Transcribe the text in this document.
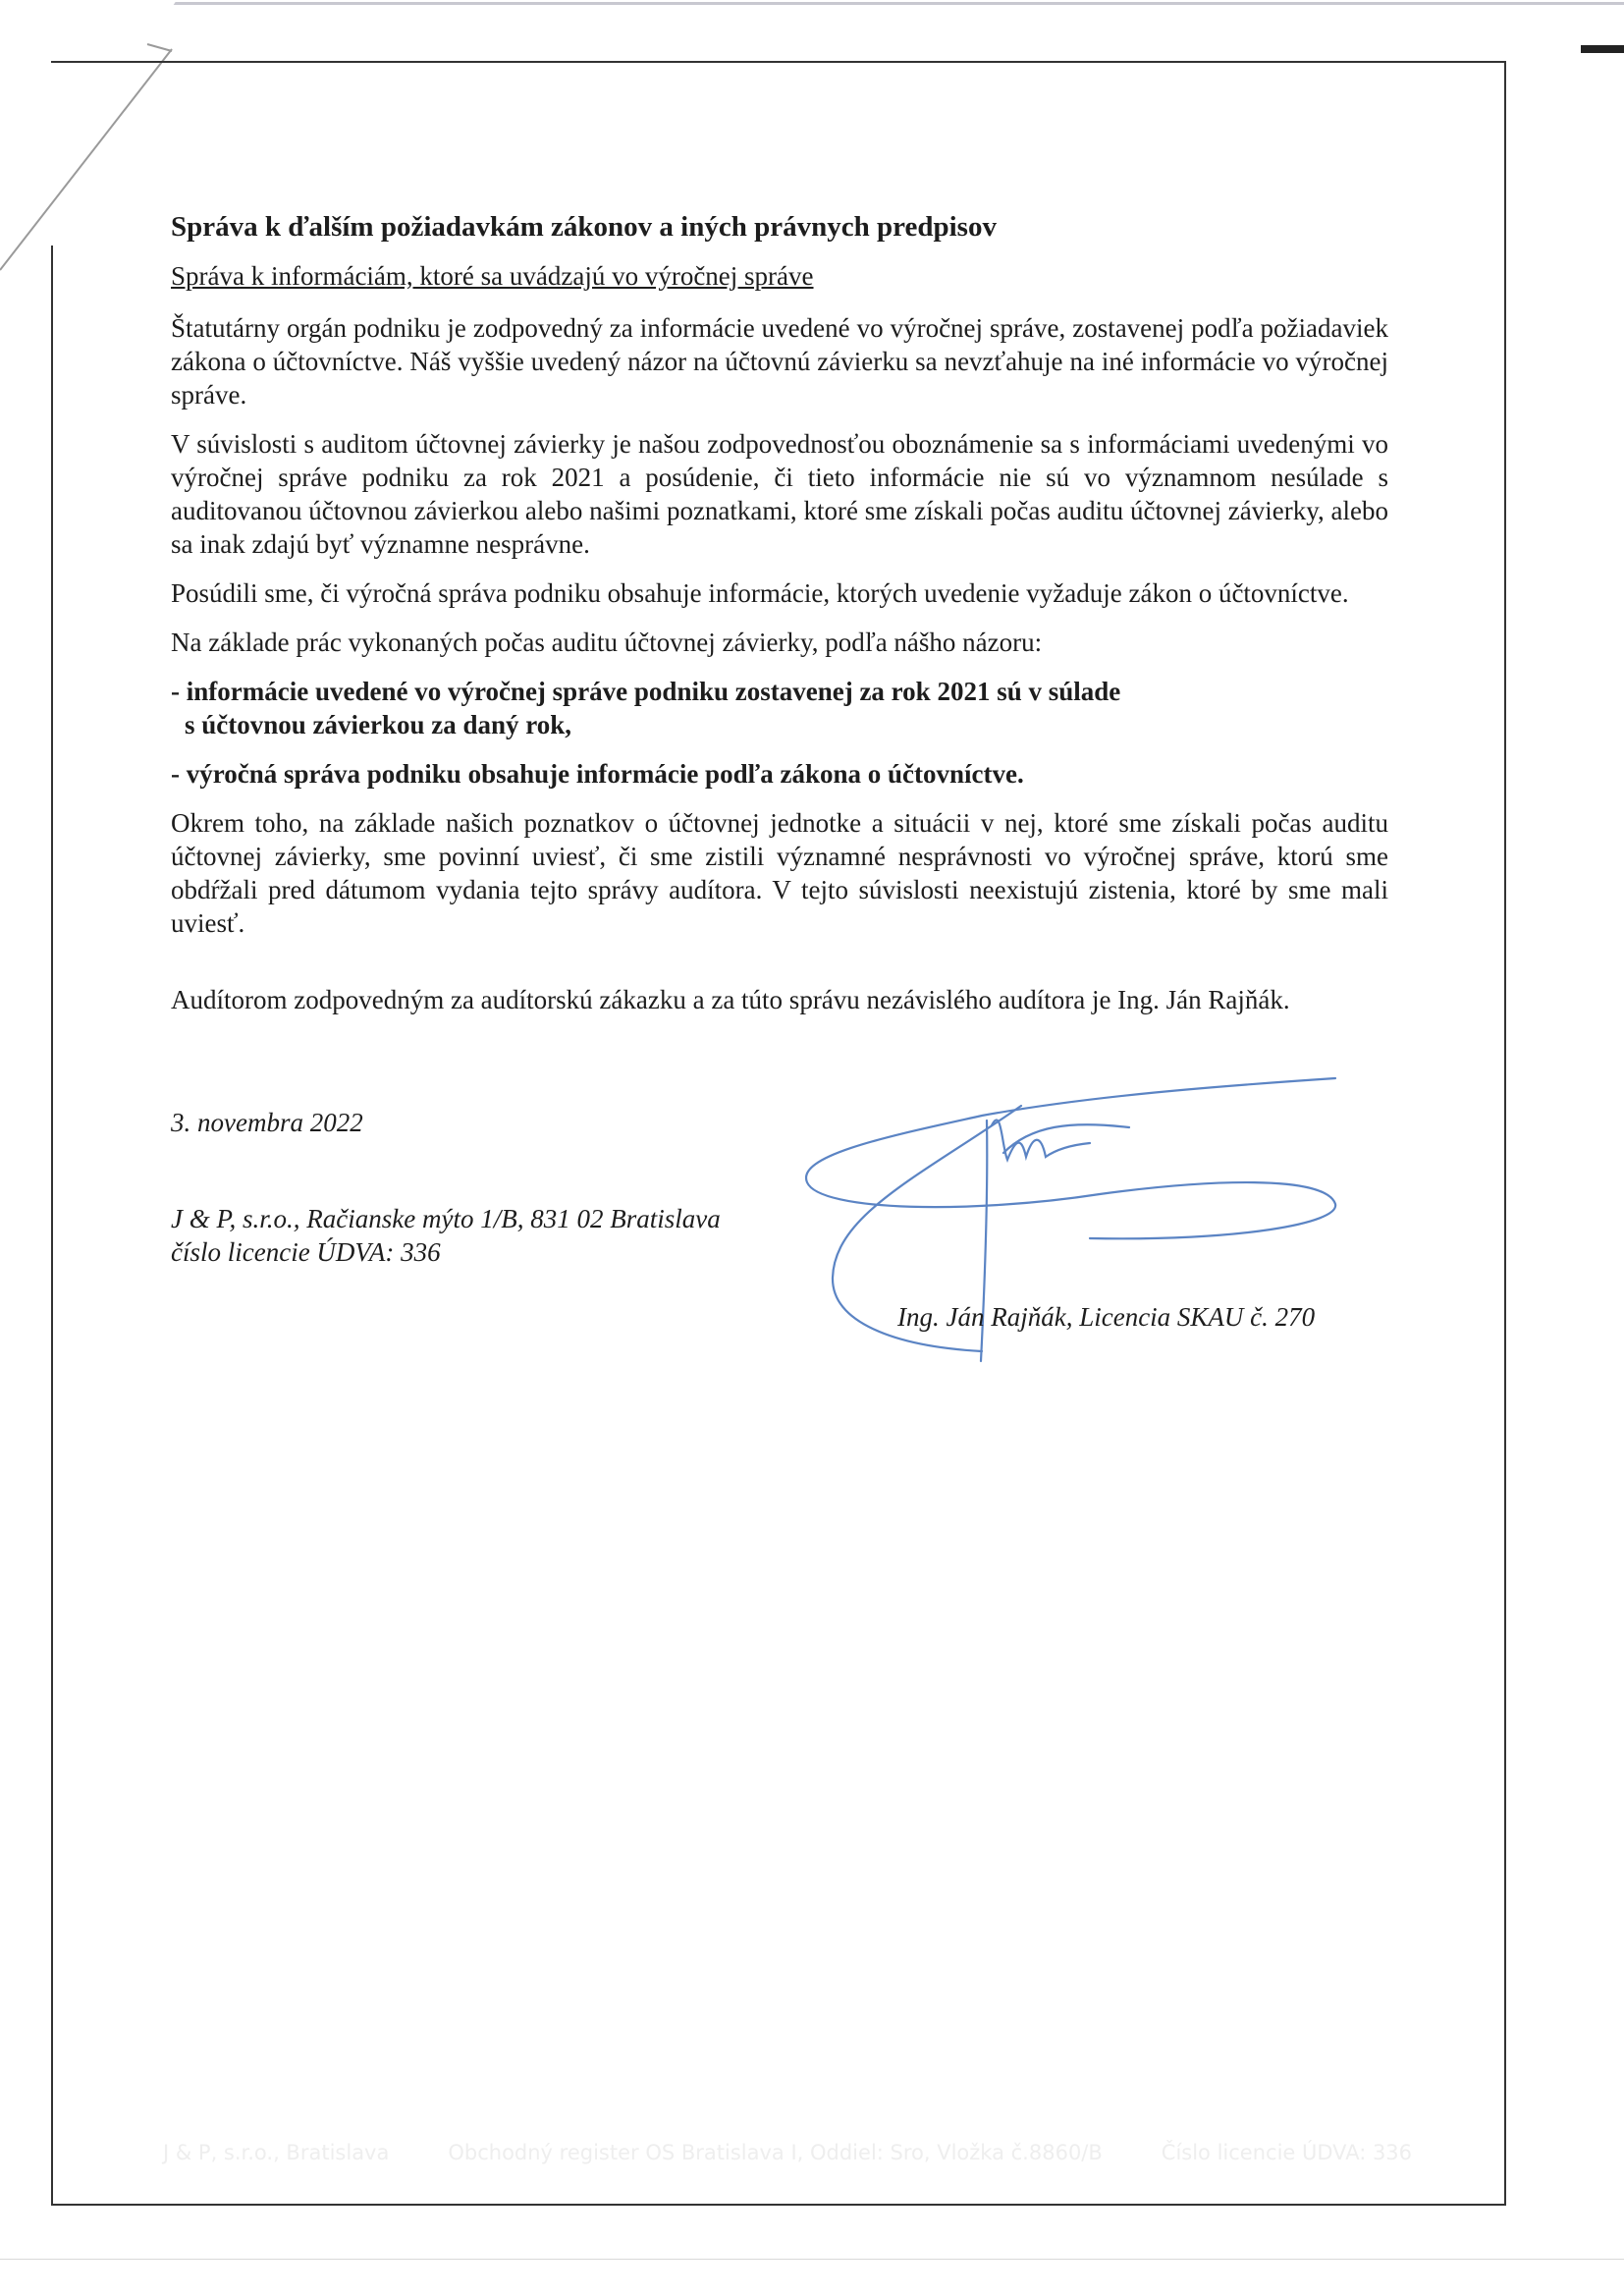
Správa k ďalším požiadavkám zákonov a iných právnych predpisov
Správa k informáciám, ktoré sa uvádzajú vo výročnej správe

Štatutárny orgán podniku je zodpovedný za informácie uvedené vo výročnej správe, zostavenej podľa požiadaviek zákona o účtovníctve. Náš vyššie uvedený názor na účtovnú závierku sa nevzťahuje na iné informácie vo výročnej správe.

V súvislosti s auditom účtovnej závierky je našou zodpovednosťou oboznámenie sa s informáciami uvedenými vo výročnej správe podniku za rok 2021 a posúdenie, či tieto informácie nie sú vo významnom nesúlade s auditovanou účtovnou závierkou alebo našimi poznatkami, ktoré sme získali počas auditu účtovnej závierky, alebo sa inak zdajú byť významne nesprávne.

Posúdili sme, či výročná správa podniku obsahuje informácie, ktorých uvedenie vyžaduje zákon o účtovníctve.

Na základe prác vykonaných počas auditu účtovnej závierky, podľa nášho názoru:

- informácie uvedené vo výročnej správe podniku zostavenej za rok 2021 sú v súlade
s účtovnou závierkou za daný rok,
- výročná správa podniku obsahuje informácie podľa zákona o účtovníctve.

Okrem toho, na základe našich poznatkov o účtovnej jednotke a situácii v nej, ktoré sme získali počas auditu účtovnej závierky, sme povinní uviesť, či sme zistili významné nesprávnosti vo výročnej správe, ktorú sme obdŕžali pred dátumom vydania tejto správy audítora. V tejto súvislosti neexistujú zistenia, ktoré by sme mali uviesť.

Audítorom zodpovedným za audítorskú zákazku a za túto správu nezávislého audítora je Ing. Ján Rajňák.

3. novembra 2022
J & P, s.r.o., Račianske mýto 1/B, 831 02 Bratislava
číslo licencie ÚDVA: 336
Ing. Ján Rajňák, Licencia SKAU č. 270
J & P, s.r.o., Bratislava	Obchodný register OS Bratislava I, Oddiel: Sro, Vložka č.8860/B	Číslo licencie ÚDVA: 336
